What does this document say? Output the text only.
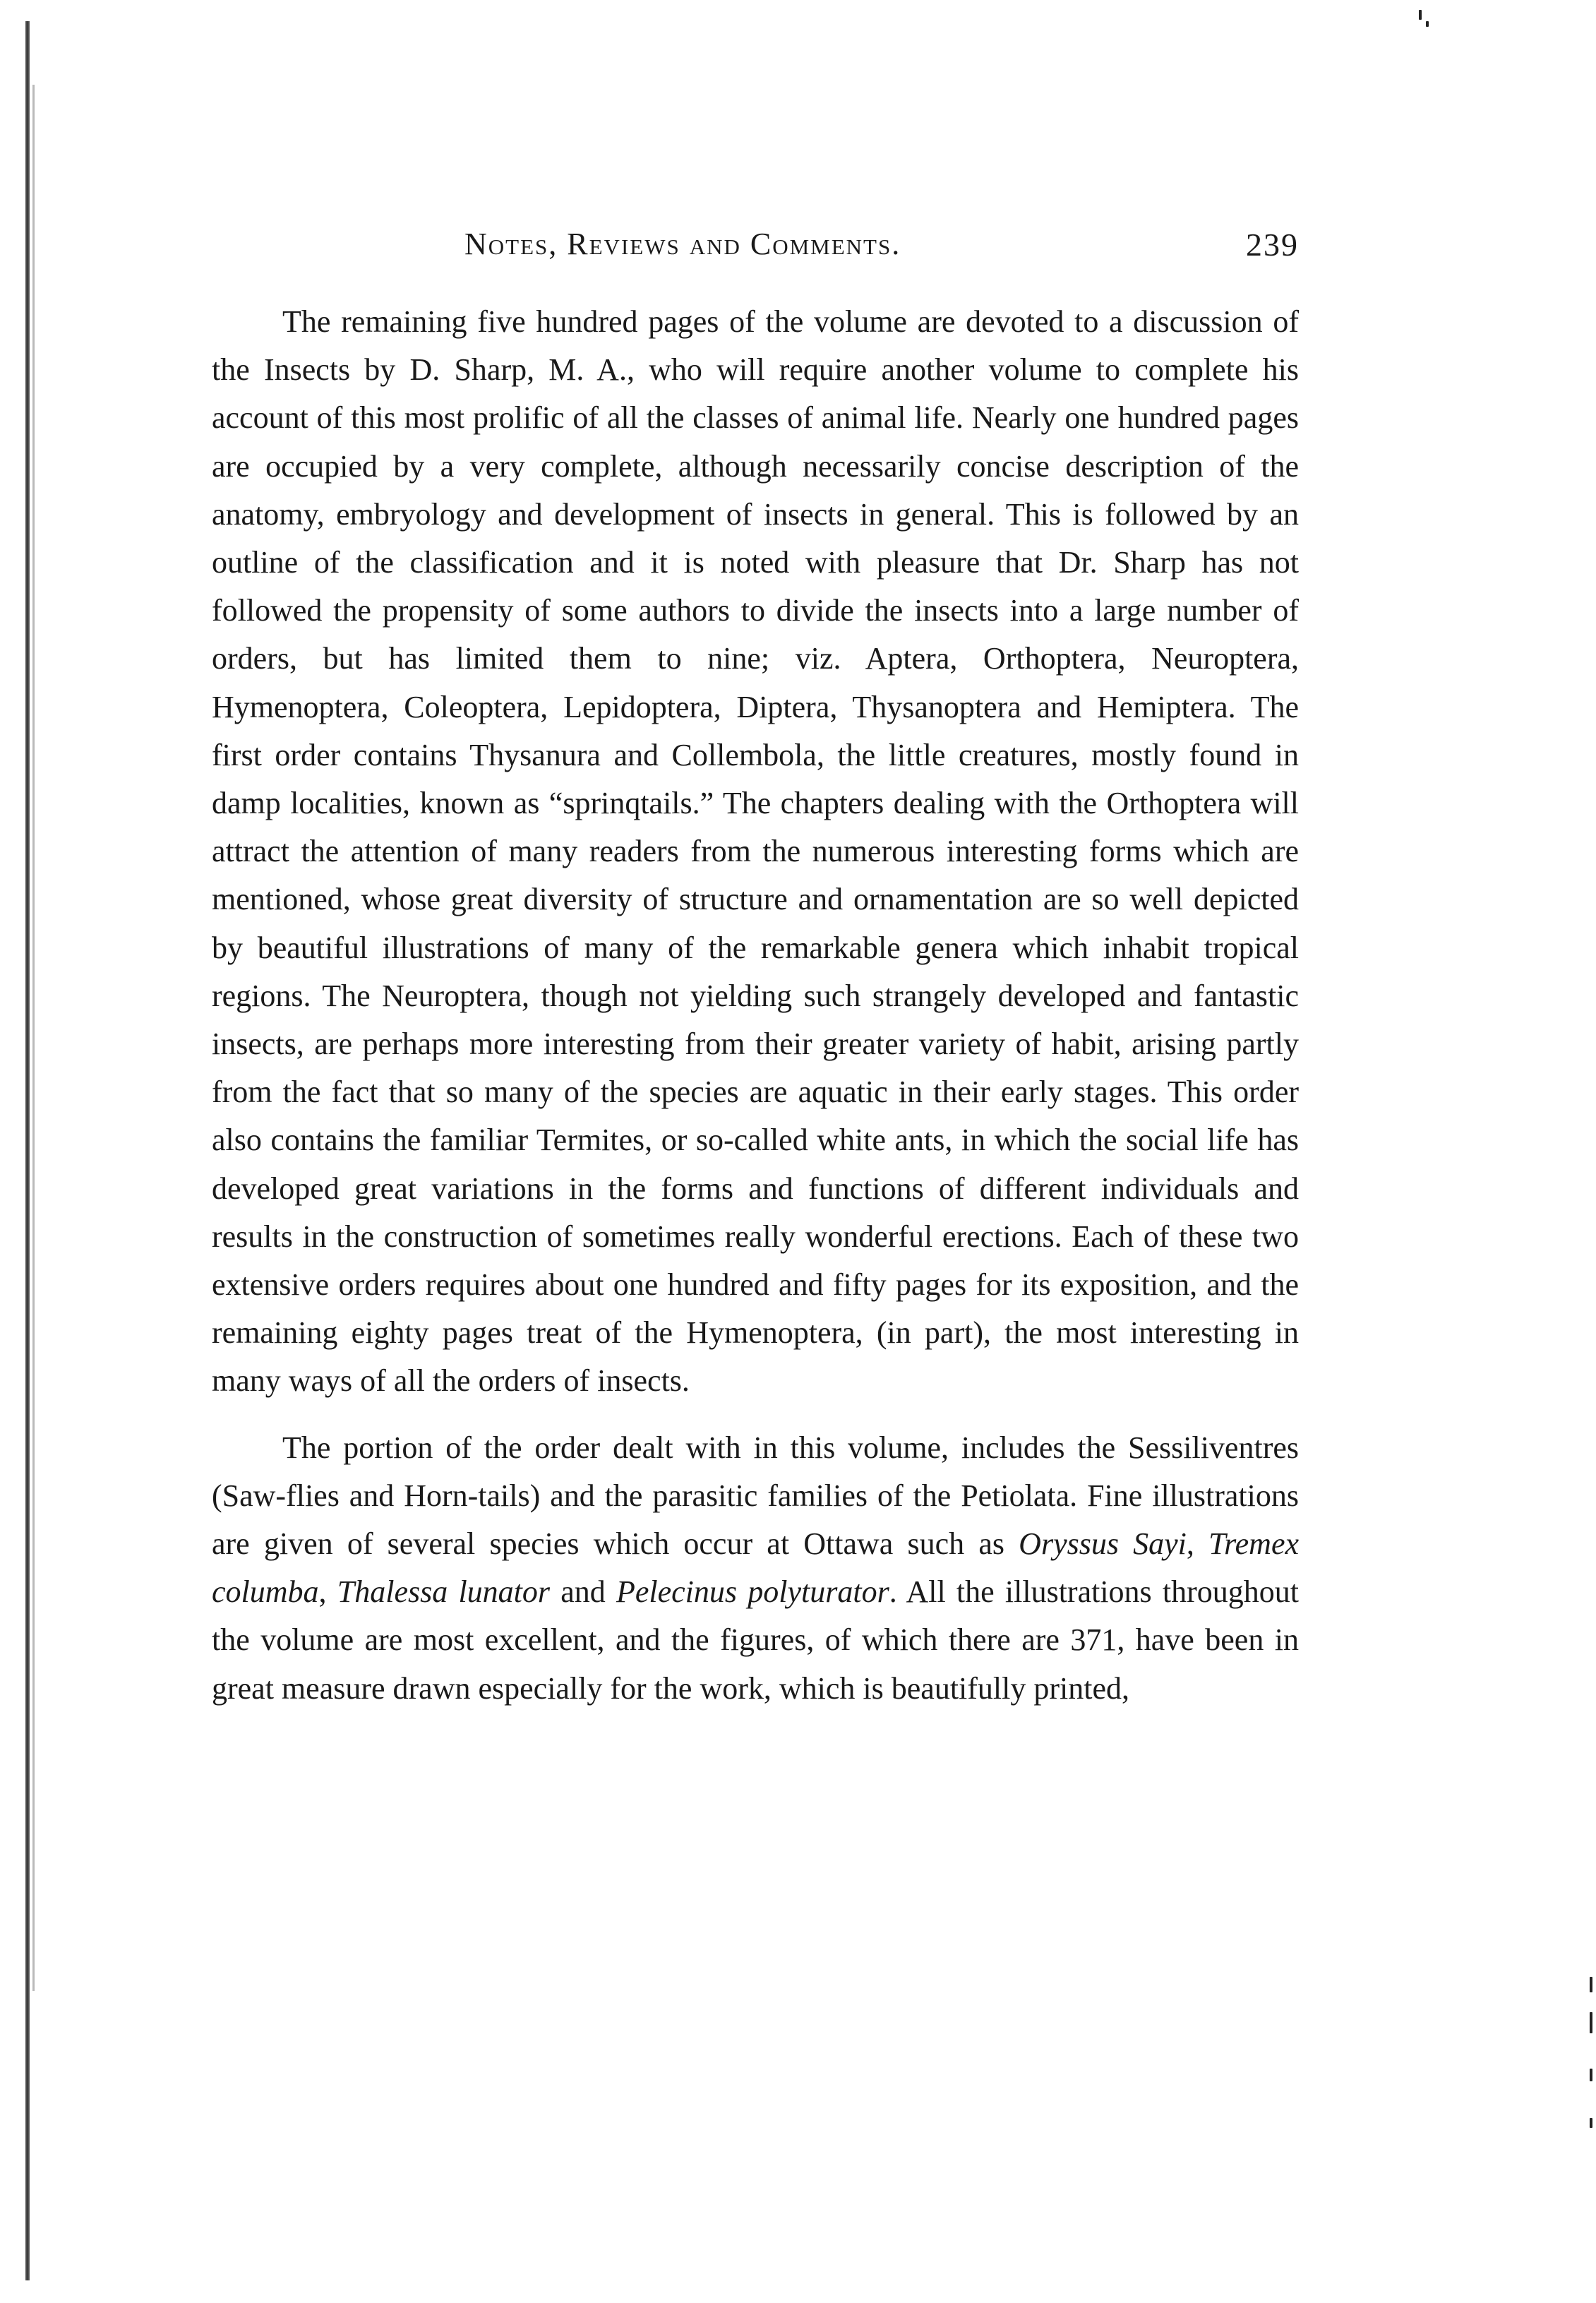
Notes, Reviews and Comments.	239

The remaining five hundred pages of the volume are devoted to a discussion of the Insects by D. Sharp, M. A., who will require another volume to complete his account of this most prolific of all the classes of animal life. Nearly one hundred pages are occupied by a very complete, although necessarily concise description of the anatomy, embryology and development of insects in general. This is followed by an outline of the classification and it is noted with pleasure that Dr. Sharp has not followed the propensity of some authors to divide the insects into a large number of orders, but has limited them to nine; viz. Aptera, Orthoptera, Neuroptera, Hymenoptera, Coleoptera, Lepidoptera, Diptera, Thysanoptera and Hemiptera. The first order contains Thysanura and Collembola, the little creatures, mostly found in damp localities, known as “sprinqtails.” The chapters dealing with the Orthoptera will attract the attention of many readers from the numerous interesting forms which are mentioned, whose great diversity of structure and ornamentation are so well depicted by beautiful illustrations of many of the remarkable genera which inhabit tropical regions. The Neuroptera, though not yielding such strangely developed and fantastic insects, are perhaps more interesting from their greater variety of habit, arising partly from the fact that so many of the species are aquatic in their early stages. This order also contains the familiar Termites, or so-called white ants, in which the social life has developed great variations in the forms and functions of different individuals and results in the construction of sometimes really wonderful erections. Each of these two extensive orders requires about one hundred and fifty pages for its exposition, and the remaining eighty pages treat of the Hymenoptera, (in part), the most interesting in many ways of all the orders of insects.

The portion of the order dealt with in this volume, includes the Sessiliventres (Saw-flies and Horn-tails) and the parasitic families of the Petiolata. Fine illustrations are given of several species which occur at Ottawa such as Oryssus Sayi, Tremex columba, Thalessa lunator and Pelecinus polyturator. All the illustrations throughout the volume are most excellent, and the figures, of which there are 371, have been in great measure drawn especially for the work, which is beautifully printed,
